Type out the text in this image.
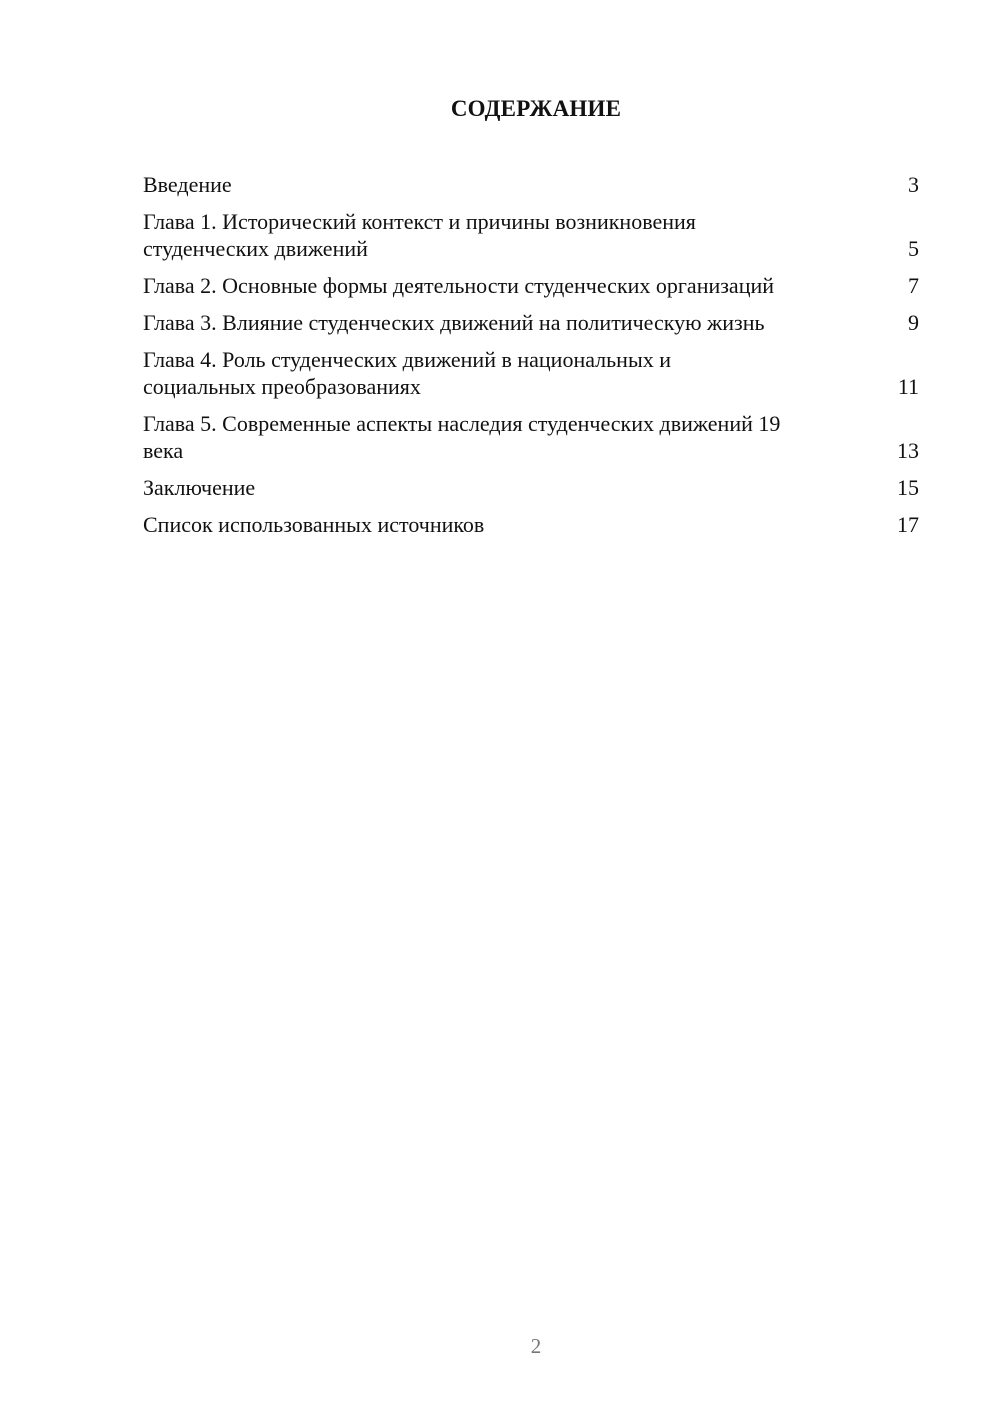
СОДЕРЖАНИЕ
Введение	3
Глава 1. Исторический контекст и причины возникновения студенческих движений	5
Глава 2. Основные формы деятельности студенческих организаций	7
Глава 3. Влияние студенческих движений на политическую жизнь	9
Глава 4. Роль студенческих движений в национальных и социальных преобразованиях	11
Глава 5. Современные аспекты наследия студенческих движений 19 века	13
Заключение	15
Список использованных источников	17
2
